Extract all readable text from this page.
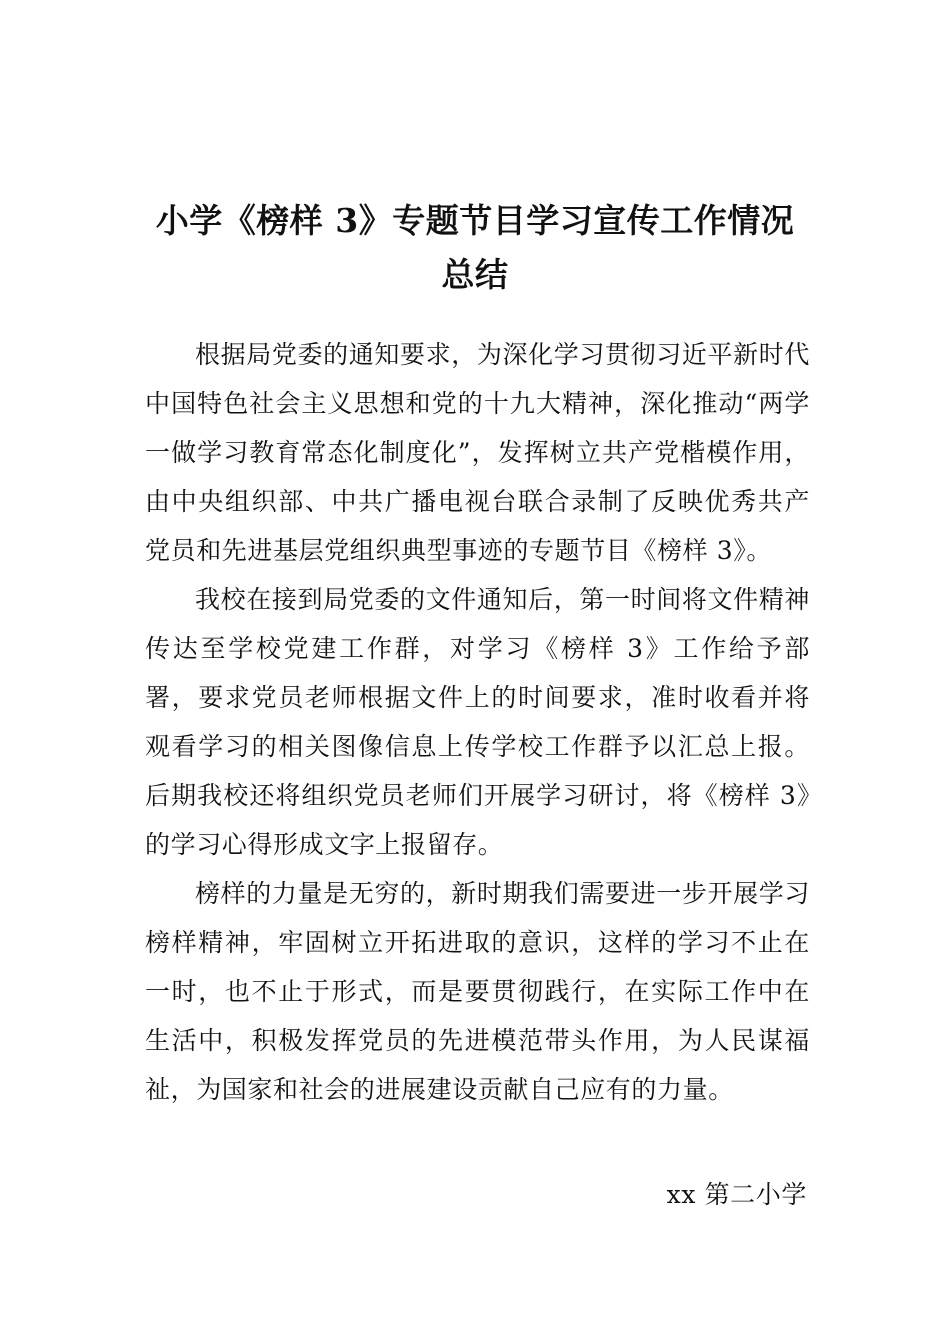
小学《榜样 3》专题节目学习宣传工作情况
总结

根据局党委的通知要求，为深化学习贯彻习近平新时代中国特色社会主义思想和党的十九大精神，深化推动“两学一做学习教育常态化制度化”，发挥树立共产党楷模作用，由中央组织部、中共广播电视台联合录制了反映优秀共产党员和先进基层党组织典型事迹的专题节目《榜样 3》。

我校在接到局党委的文件通知后，第一时间将文件精神传达至学校党建工作群，对学习《榜样 3》工作给予部署，要求党员老师根据文件上的时间要求，准时收看并将观看学习的相关图像信息上传学校工作群予以汇总上报。后期我校还将组织党员老师们开展学习研讨，将《榜样 3》的学习心得形成文字上报留存。

榜样的力量是无穷的，新时期我们需要进一步开展学习榜样精神，牢固树立开拓进取的意识，这样的学习不止在一时，也不止于形式，而是要贯彻践行，在实际工作中在生活中，积极发挥党员的先进模范带头作用，为人民谋福祉，为国家和社会的进展建设贡献自己应有的力量。

xx 第二小学
